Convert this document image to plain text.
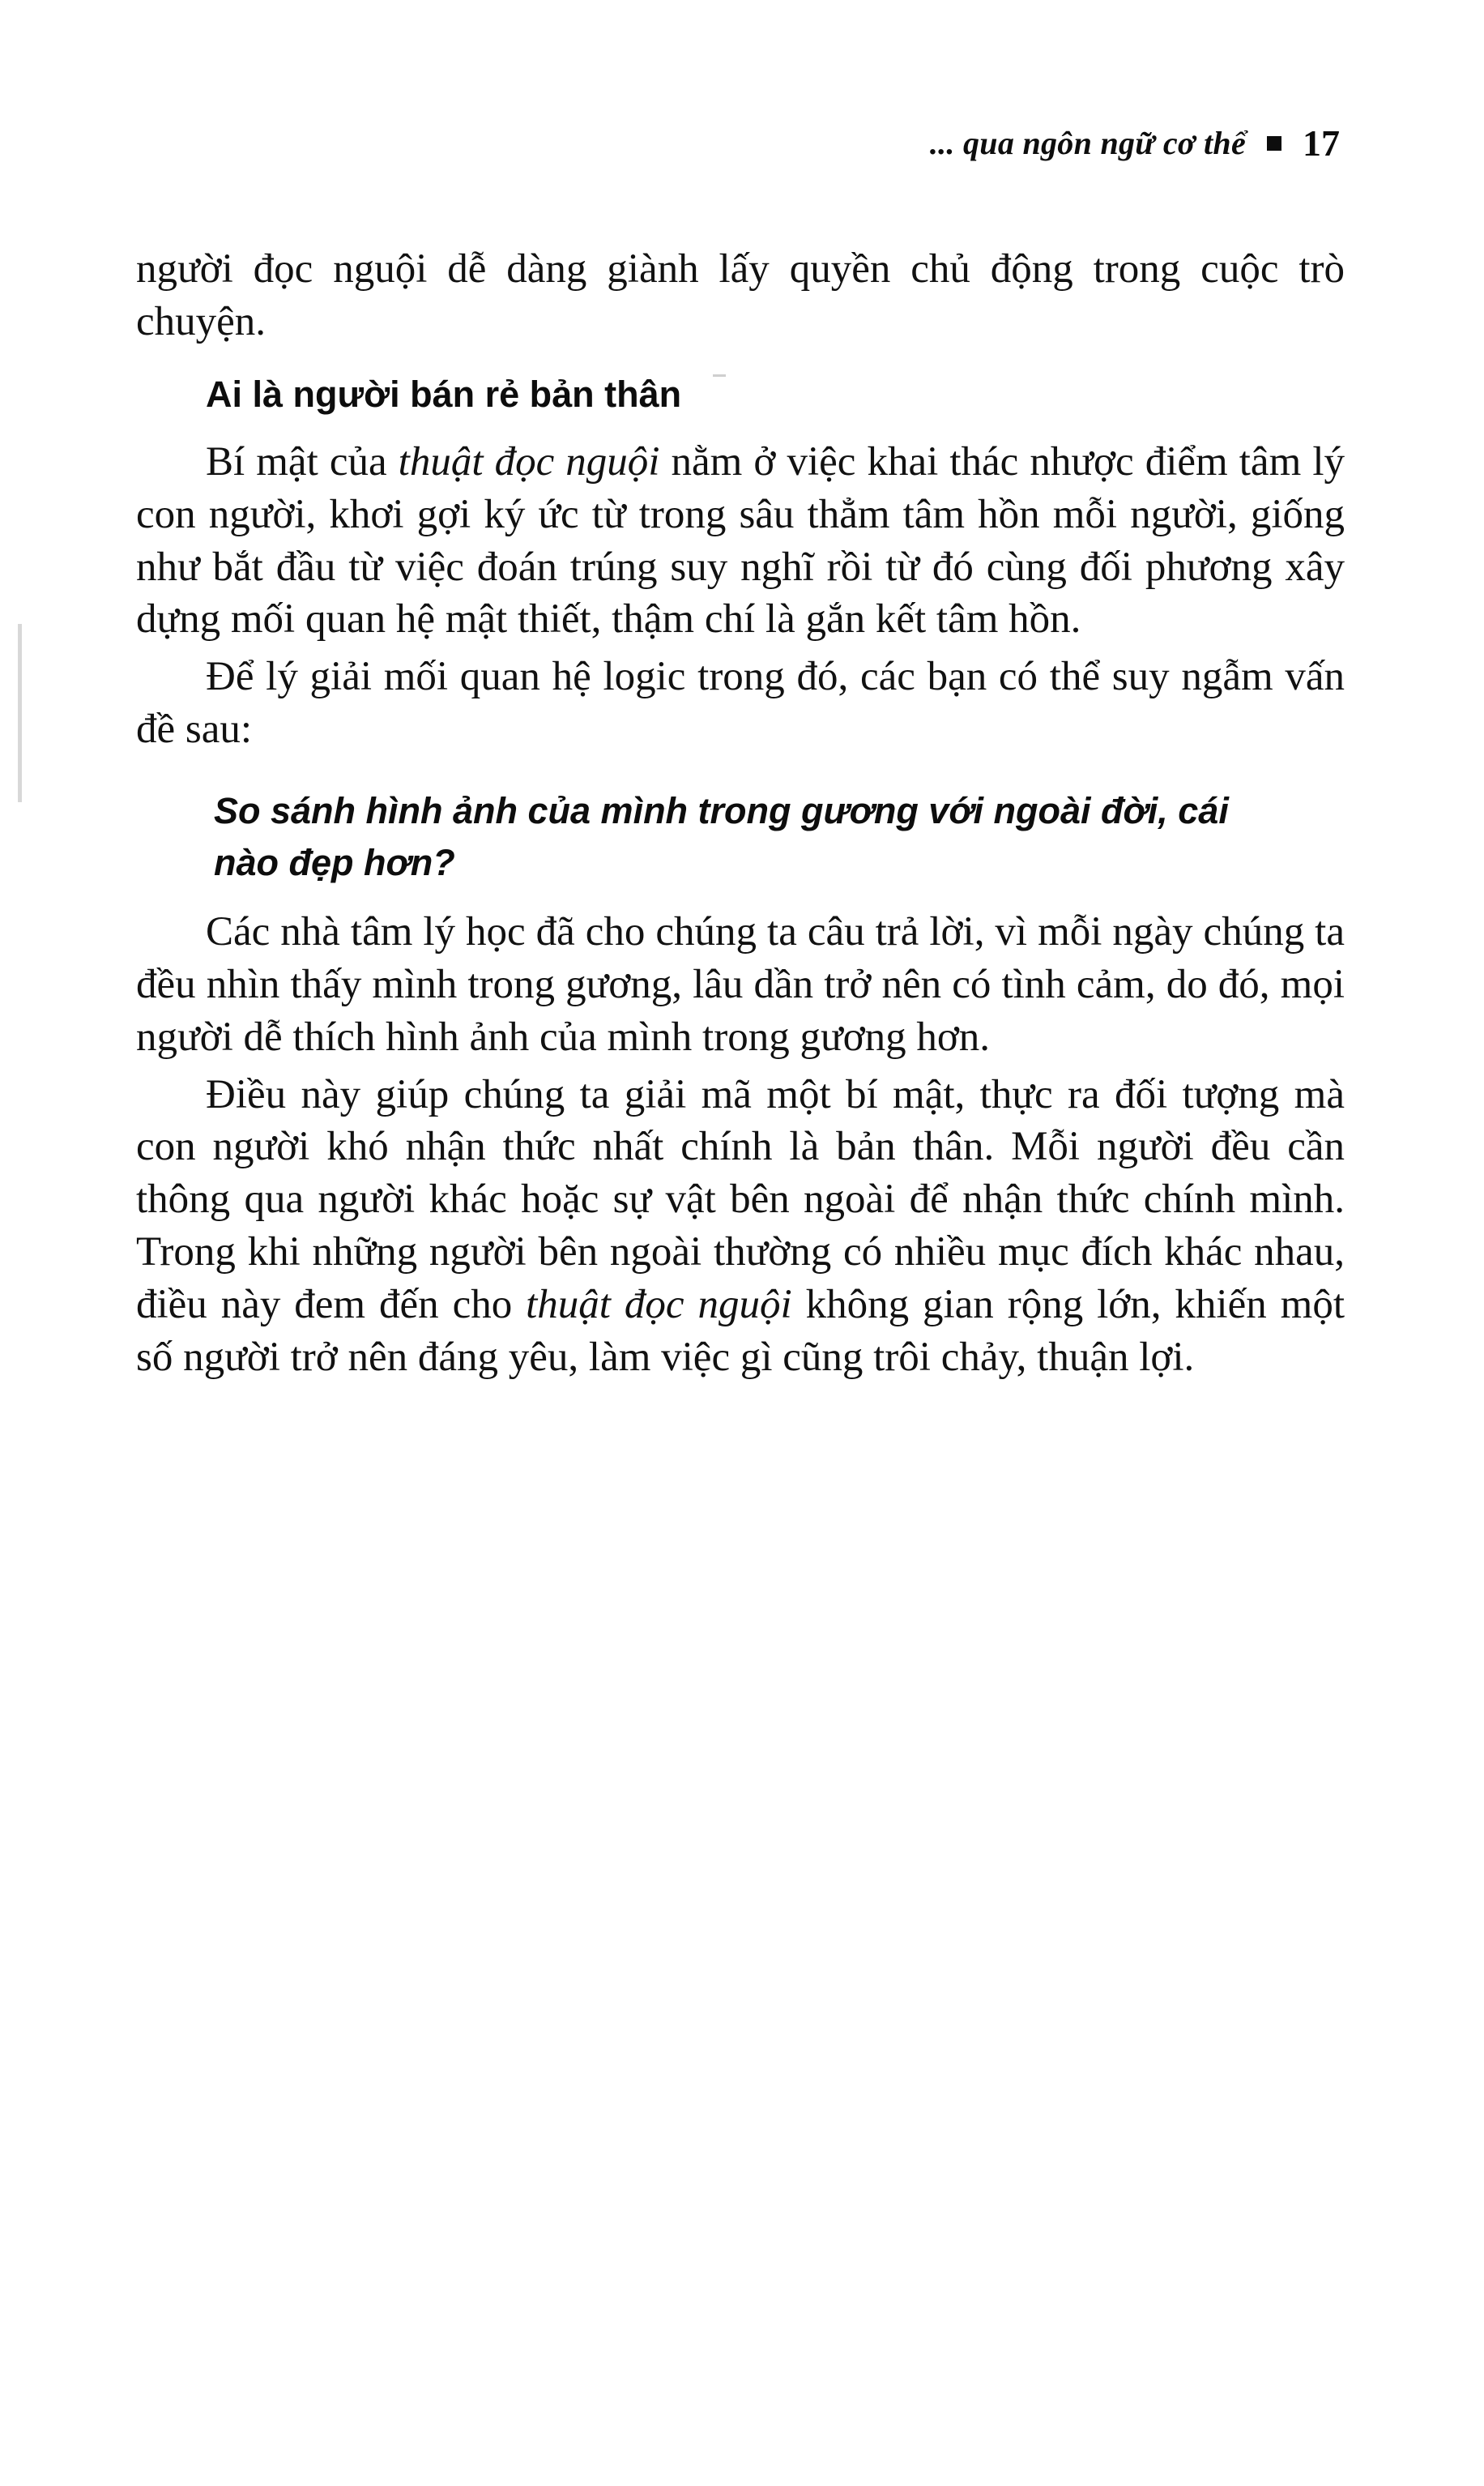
... qua ngôn ngữ cơ thể 17

người đọc nguội dễ dàng giành lấy quyền chủ động trong cuộc trò chuyện.

Ai là người bán rẻ bản thân

Bí mật của thuật đọc nguội nằm ở việc khai thác nhược điểm tâm lý con người, khơi gợi ký ức từ trong sâu thẳm tâm hồn mỗi người, giống như bắt đầu từ việc đoán trúng suy nghĩ rồi từ đó cùng đối phương xây dựng mối quan hệ mật thiết, thậm chí là gắn kết tâm hồn.

Để lý giải mối quan hệ logic trong đó, các bạn có thể suy ngẫm vấn đề sau:

So sánh hình ảnh của mình trong gương với ngoài đời, cái nào đẹp hơn?

Các nhà tâm lý học đã cho chúng ta câu trả lời, vì mỗi ngày chúng ta đều nhìn thấy mình trong gương, lâu dần trở nên có tình cảm, do đó, mọi người dễ thích hình ảnh của mình trong gương hơn.

Điều này giúp chúng ta giải mã một bí mật, thực ra đối tượng mà con người khó nhận thức nhất chính là bản thân. Mỗi người đều cần thông qua người khác hoặc sự vật bên ngoài để nhận thức chính mình. Trong khi những người bên ngoài thường có nhiều mục đích khác nhau, điều này đem đến cho thuật đọc nguội không gian rộng lớn, khiến một số người trở nên đáng yêu, làm việc gì cũng trôi chảy, thuận lợi.
